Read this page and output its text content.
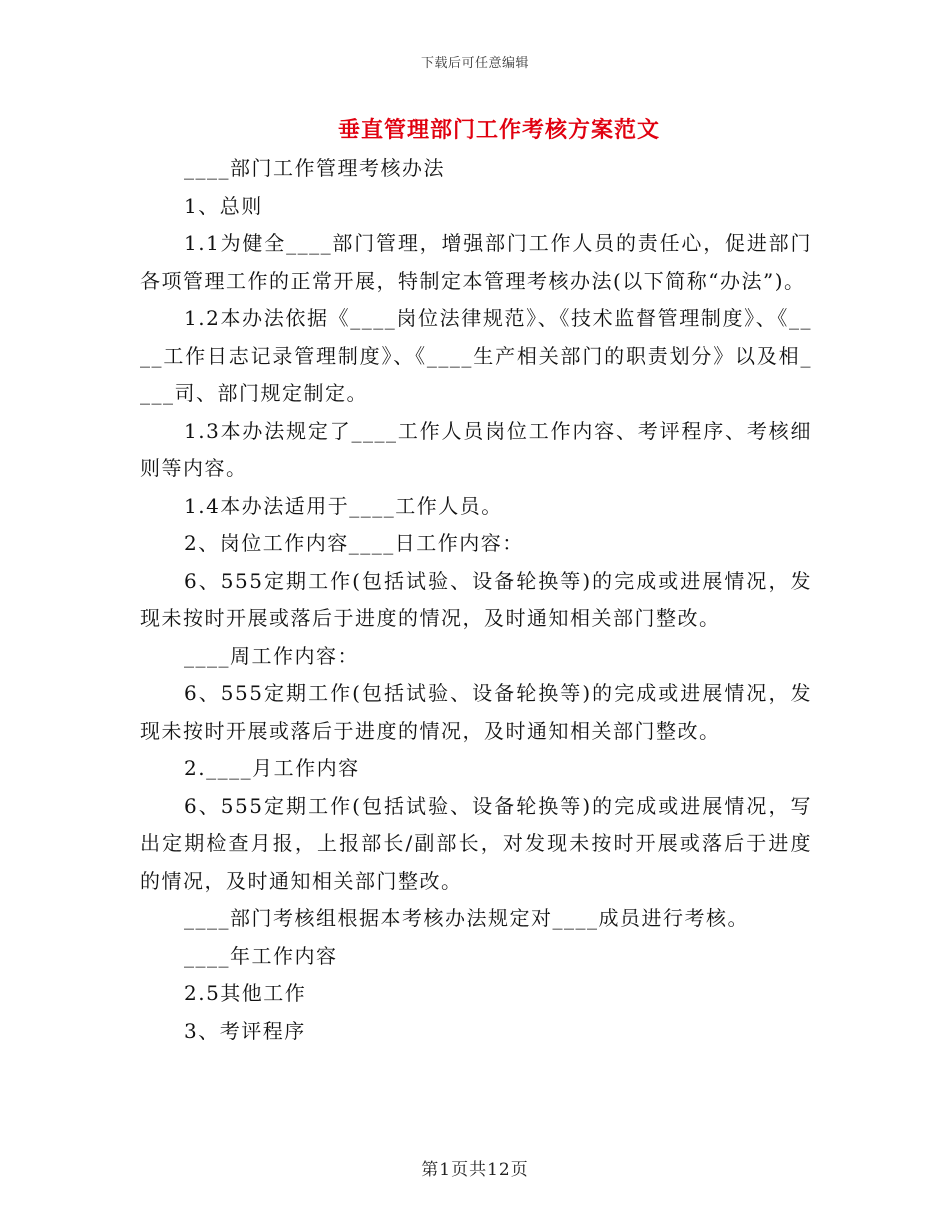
下载后可任意编辑
垂直管理部门工作考核方案范文

____部门工作管理考核办法

1、总则

1.1为健全____部门管理，增强部门工作人员的责任心，促进部门各项管理工作的正常开展，特制定本管理考核办法(以下简称“办法”)。

1.2本办法依据《____岗位法律规范》、《技术监督管理制度》、《____工作日志记录管理制度》、《____生产相关部门的职责划分》以及相____司、部门规定制定。

1.3本办法规定了____工作人员岗位工作内容、考评程序、考核细则等内容。

1.4本办法适用于____工作人员。

2、岗位工作内容____日工作内容：

6、555定期工作(包括试验、设备轮换等)的完成或进展情况，发现未按时开展或落后于进度的情况，及时通知相关部门整改。

____周工作内容：

6、555定期工作(包括试验、设备轮换等)的完成或进展情况，发现未按时开展或落后于进度的情况，及时通知相关部门整改。

2.____月工作内容

6、555定期工作(包括试验、设备轮换等)的完成或进展情况，写出定期检查月报，上报部长/副部长，对发现未按时开展或落后于进度的情况，及时通知相关部门整改。

____部门考核组根据本考核办法规定对____成员进行考核。

____年工作内容

2.5其他工作

3、考评程序

第1页共12页
